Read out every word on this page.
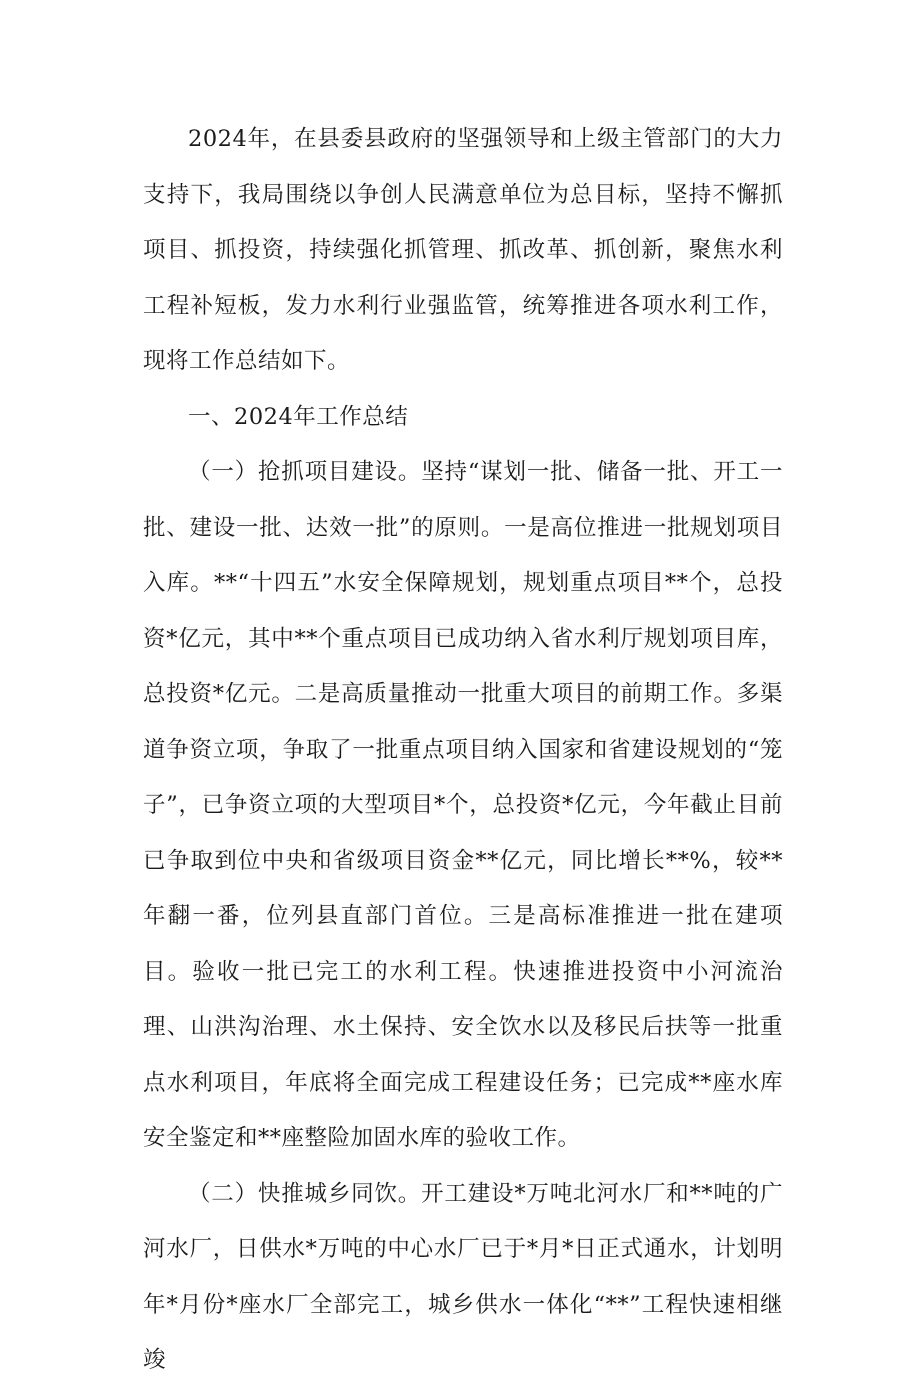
2024年，在县委县政府的坚强领导和上级主管部门的大力支持下，我局围绕以争创人民满意单位为总目标，坚持不懈抓项目、抓投资，持续强化抓管理、抓改革、抓创新，聚焦水利工程补短板，发力水利行业强监管，统筹推进各项水利工作，现将工作总结如下。

一、2024年工作总结

（一）抢抓项目建设。坚持“谋划一批、储备一批、开工一批、建设一批、达效一批”的原则。一是高位推进一批规划项目入库。**“十四五”水安全保障规划，规划重点项目**个，总投资*亿元，其中**个重点项目已成功纳入省水利厅规划项目库，总投资*亿元。二是高质量推动一批重大项目的前期工作。多渠道争资立项，争取了一批重点项目纳入国家和省建设规划的“笼子”，已争资立项的大型项目*个，总投资*亿元，今年截止目前已争取到位中央和省级项目资金**亿元，同比增长**%，较**年翻一番，位列县直部门首位。三是高标准推进一批在建项目。验收一批已完工的水利工程。快速推进投资中小河流治理、山洪沟治理、水土保持、安全饮水以及移民后扶等一批重点水利项目，年底将全面完成工程建设任务；已完成**座水库安全鉴定和**座整险加固水库的验收工作。

（二）快推城乡同饮。开工建设*万吨北河水厂和**吨的广河水厂，日供水*万吨的中心水厂已于*月*日正式通水，计划明年*月份*座水厂全部完工，城乡供水一体化“**”工程快速相继竣
